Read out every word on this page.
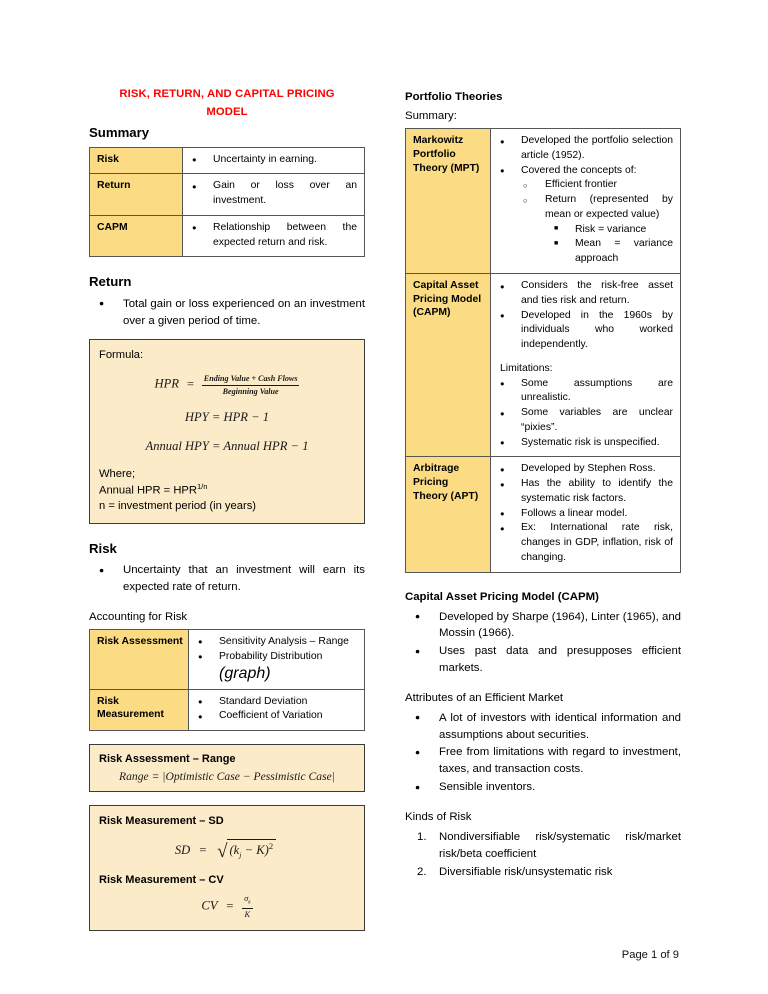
RISK, RETURN, AND CAPITAL PRICING
MODEL
Summary
Risk	
●Uncertainty in earning.

Return	
●Gain or loss over an investment.

CAPM	
●Relationship between the expected return and risk.
Return
● Total gain or loss experienced on an investment over a given period of time.

Formula:

HPR = $\frac{\text{Ending Value + Cash Flows}}{\text{Beginning Value}}$
HPY = HPR − 1
Annual HPY = Annual HPR − 1

Where;

Annual HPR = $HPR^{1/n}$

n = investment period (in years)

Risk
● Uncertainty that an investment will earn its expected rate of return.

Accounting for Risk

Risk Assessment	
●Sensitivity Analysis – Range
● Probability Distribution
(graph)

Risk Measurement	
● Standard Deviation
● Coefficient of Variation

Risk Assessment – Range

Range = |Optimistic Case − Pessimistic Case|

Risk Measurement – SD

SD = √ $(k_j - K)^2$

Risk Measurement – CV

CV = $\frac{\sigma_k}{K}$
Portfolio Theories

Summary:

Markowitz Portfolio Theory (MPT)	
● Developed the portfolio selection article (1952).
● Covered the concepts of:
○ Efficient frontier
○ Return (represented by mean or expected value)
■ Risk = variance
■ Mean = variance approach

Capital Asset Pricing Model (CAPM)	
● Considers the risk-free asset and ties risk and return.
● Developed in the 1960s by individuals who worked independently.
Limitations:
● Some assumptions are unrealistic.
● Some variables are unclear “pixies”.
● Systematic risk is unspecified.

Arbitrage Pricing Theory (APT)	
● Developed by Stephen Ross.
● Has the ability to identify the systematic risk factors.
● Follows a linear model.
● Ex: International rate risk, changes in GDP, inflation, risk of changing.
Capital Asset Pricing Model (CAPM)
● Developed by Sharpe (1964), Linter (1965), and Mossin (1966).
● Uses past data and presupposes efficient markets.

Attributes of an Efficient Market

● A lot of investors with identical information and assumptions about securities.
● Free from limitations with regard to investment, taxes, and transaction costs.
● Sensible inventors.

Kinds of Risk

Nondiversifiable risk/systematic risk/market risk/beta coefficient
Diversifiable risk/unsystematic risk
Page 1 of 9
